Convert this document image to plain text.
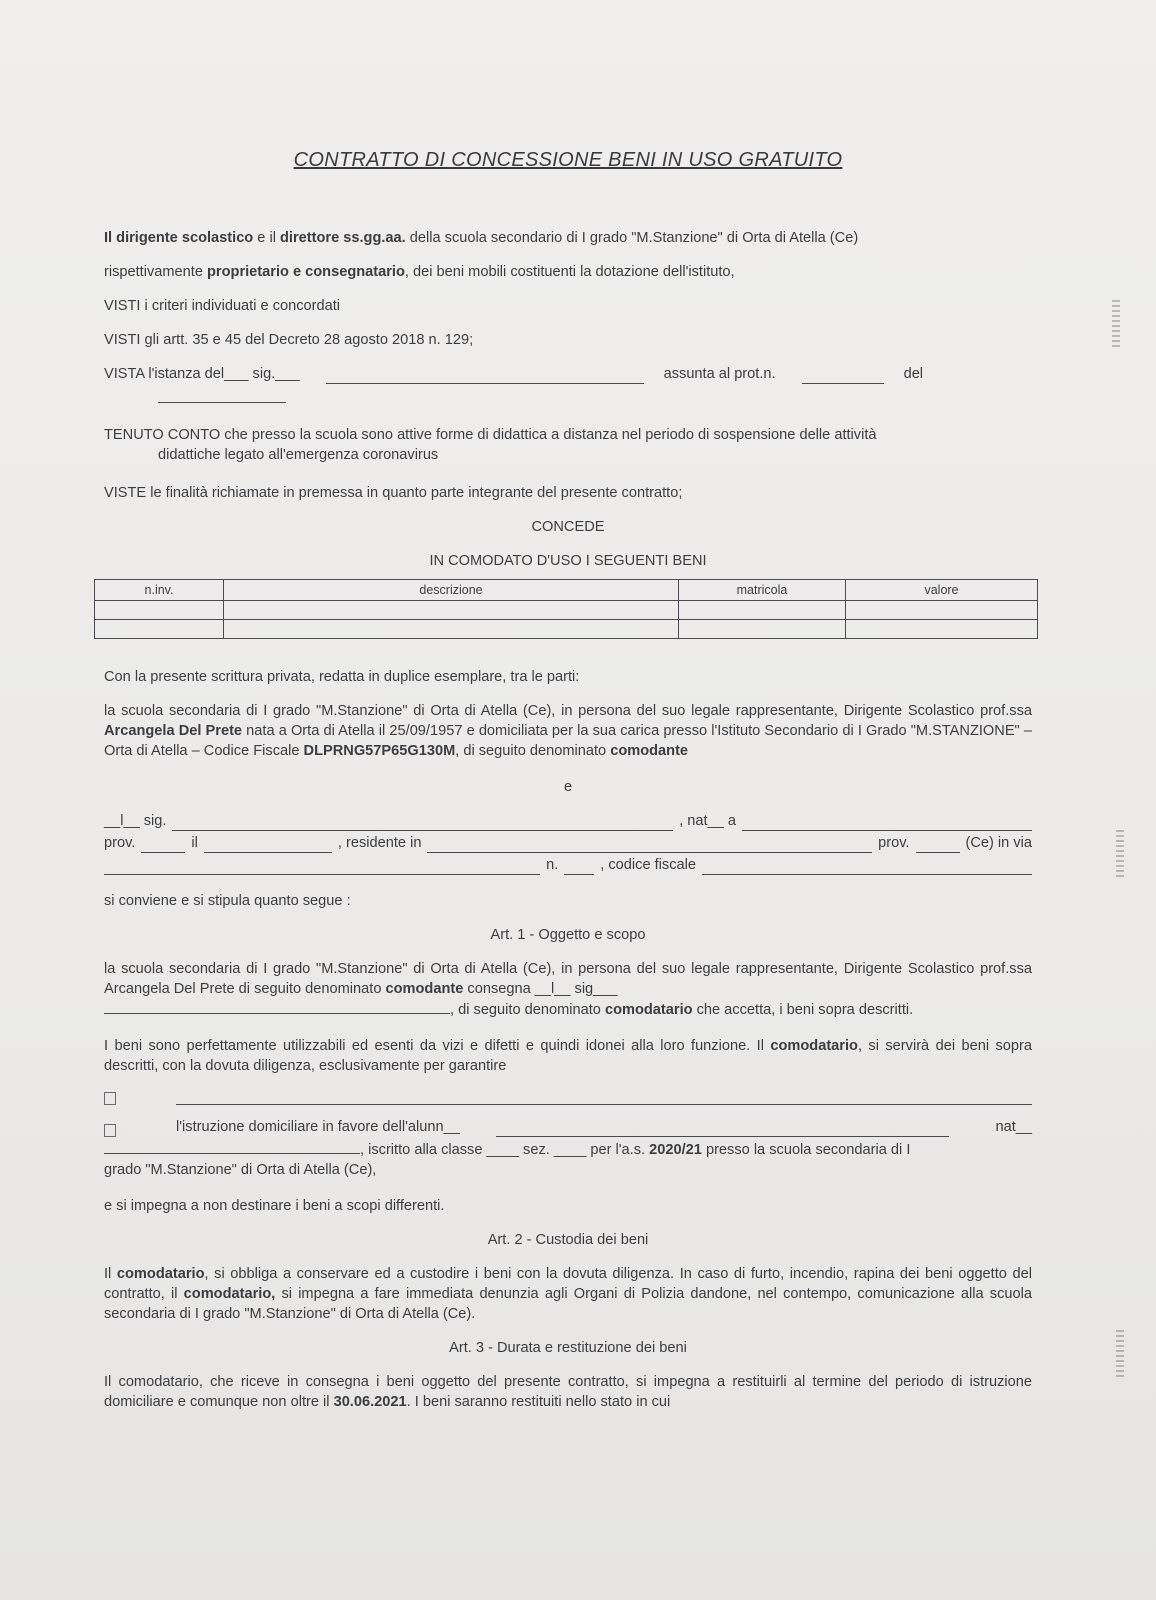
CONTRATTO DI CONCESSIONE BENI IN USO GRATUITO

Il dirigente scolastico e il direttore ss.gg.aa. della scuola secondario di I grado "M.Stanzione" di Orta di Atella (Ce)

rispettivamente proprietario e consegnatario, dei beni mobili costituenti la dotazione dell'istituto,

VISTI i criteri individuati e concordati

VISTI gli artt. 35 e 45 del Decreto 28 agosto 2018 n. 129;

VISTA l'istanza del___ sig.___	assunta al prot.n.	del

TENUTO CONTO che presso la scuola sono attive forme di didattica a distanza nel periodo di sospensione delle attività

didattiche legato all'emergenza coronavirus

VISTE le finalità richiamate in premessa in quanto parte integrante del presente contratto;

CONCEDE

IN COMODATO D'USO I SEGUENTI BENI

n.inv.	descrizione	matricola	valore

Con la presente scrittura privata, redatta in duplice esemplare, tra le parti:

la scuola secondaria di I grado "M.Stanzione" di Orta di Atella (Ce), in persona del suo legale rappresentante, Dirigente Scolastico prof.ssa Arcangela Del Prete nata a Orta di Atella il 25/09/1957 e domiciliata per la sua carica presso l'Istituto Secondario di I Grado "M.STANZIONE" – Orta di Atella – Codice Fiscale DLPRNG57P65G130M, di seguito denominato comodante

e

__l__ sig.	, nat__ a

prov.	il	, residente in	prov.	(Ce) in via

n.	, codice fiscale

si conviene e si stipula quanto segue :

Art. 1 - Oggetto e scopo

la scuola secondaria di I grado "M.Stanzione" di Orta di Atella (Ce), in persona del suo legale rappresentante, Dirigente Scolastico prof.ssa Arcangela Del Prete di seguito denominato comodante consegna __l__ sig___

, di seguito denominato comodatario che accetta, i beni sopra descritti.

I beni sono perfettamente utilizzabili ed esenti da vizi e difetti e quindi idonei alla loro funzione. Il comodatario, si servirà dei beni sopra descritti, con la dovuta diligenza, esclusivamente per garantire

l'istruzione domiciliare in favore dell'alunn__	nat__

, iscritto alla classe ____ sez. ____ per l'a.s. 2020/21 presso la scuola secondaria di I

grado "M.Stanzione" di Orta di Atella (Ce),

e si impegna a non destinare i beni a scopi differenti.

Art. 2 - Custodia dei beni

Il comodatario, si obbliga a conservare ed a custodire i beni con la dovuta diligenza. In caso di furto, incendio, rapina dei beni oggetto del contratto, il comodatario, si impegna a fare immediata denunzia agli Organi di Polizia dandone, nel contempo, comunicazione alla scuola secondaria di I grado "M.Stanzione" di Orta di Atella (Ce).

Art. 3 - Durata e restituzione dei beni

Il comodatario, che riceve in consegna i beni oggetto del presente contratto, si impegna a restituirli al termine del periodo di istruzione domiciliare e comunque non oltre il 30.06.2021. I beni saranno restituiti nello stato in cui
